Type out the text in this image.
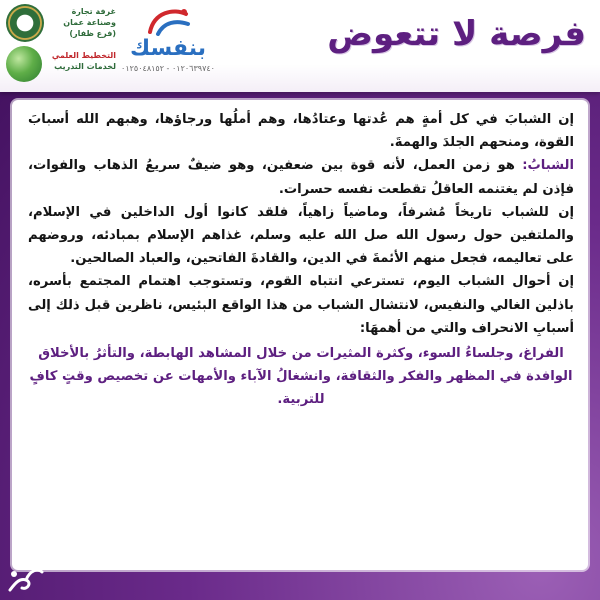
غرفة تجارة
وصناعة عمان
(فرع ظفار)
التخطيط العلمي
لخدمات التدريب
بنفسك
٠١٢٠٦٣٩٧٤٠ - ٠١٢٥٠٤٨١٥٢
فرصة لا تتعوض

إن الشبابَ في كل أمةٍ هم عُدتها وعتادُها، وهم أملُها ورجاؤها، وهبهم الله أسبابَ القوة، ومنحهم الجلدَ والهمةَ.

الشبابُ: هو زمن العمل، لأنه قوة بين ضعفين، وهو ضيفٌ سريعُ الذهاب والفوات، فإذن لم يغتنمه العاقلُ تقطعت نفسه حسرات.

إن للشباب تاريخاً مُشرفاً، وماضياً زاهياً، فلقد كانوا أول الداخلين في الإسلام، والملتفين حول رسول الله صل الله عليه وسلم، غذاهم الإسلام بمبادئه، وروضهم على تعاليمه، فجعل منهم الأئمةَ في الدين، والقادةَ الفاتحين، والعباد الصالحين.

إن أحوال الشباب اليوم، تسترعي انتباه القوم، وتستوجب اهتمام المجتمع بأسره، باذلين الغالي والنفيس، لانتشال الشباب من هذا الواقع البئيس، ناظرين قبل ذلك إلى أسبابِ الانحراف والتي من أهمهَا:

الفراغ، وجلساءُ السوء، وكثرة المثيرات من خلال المشاهد الهابطة، والتأثرُ بالأخلاق الوافدة في المظهر والفكر والثقافة، وانشغالُ الآباء والأمهات عن تخصيص وقتٍ كافٍ للتربية.
